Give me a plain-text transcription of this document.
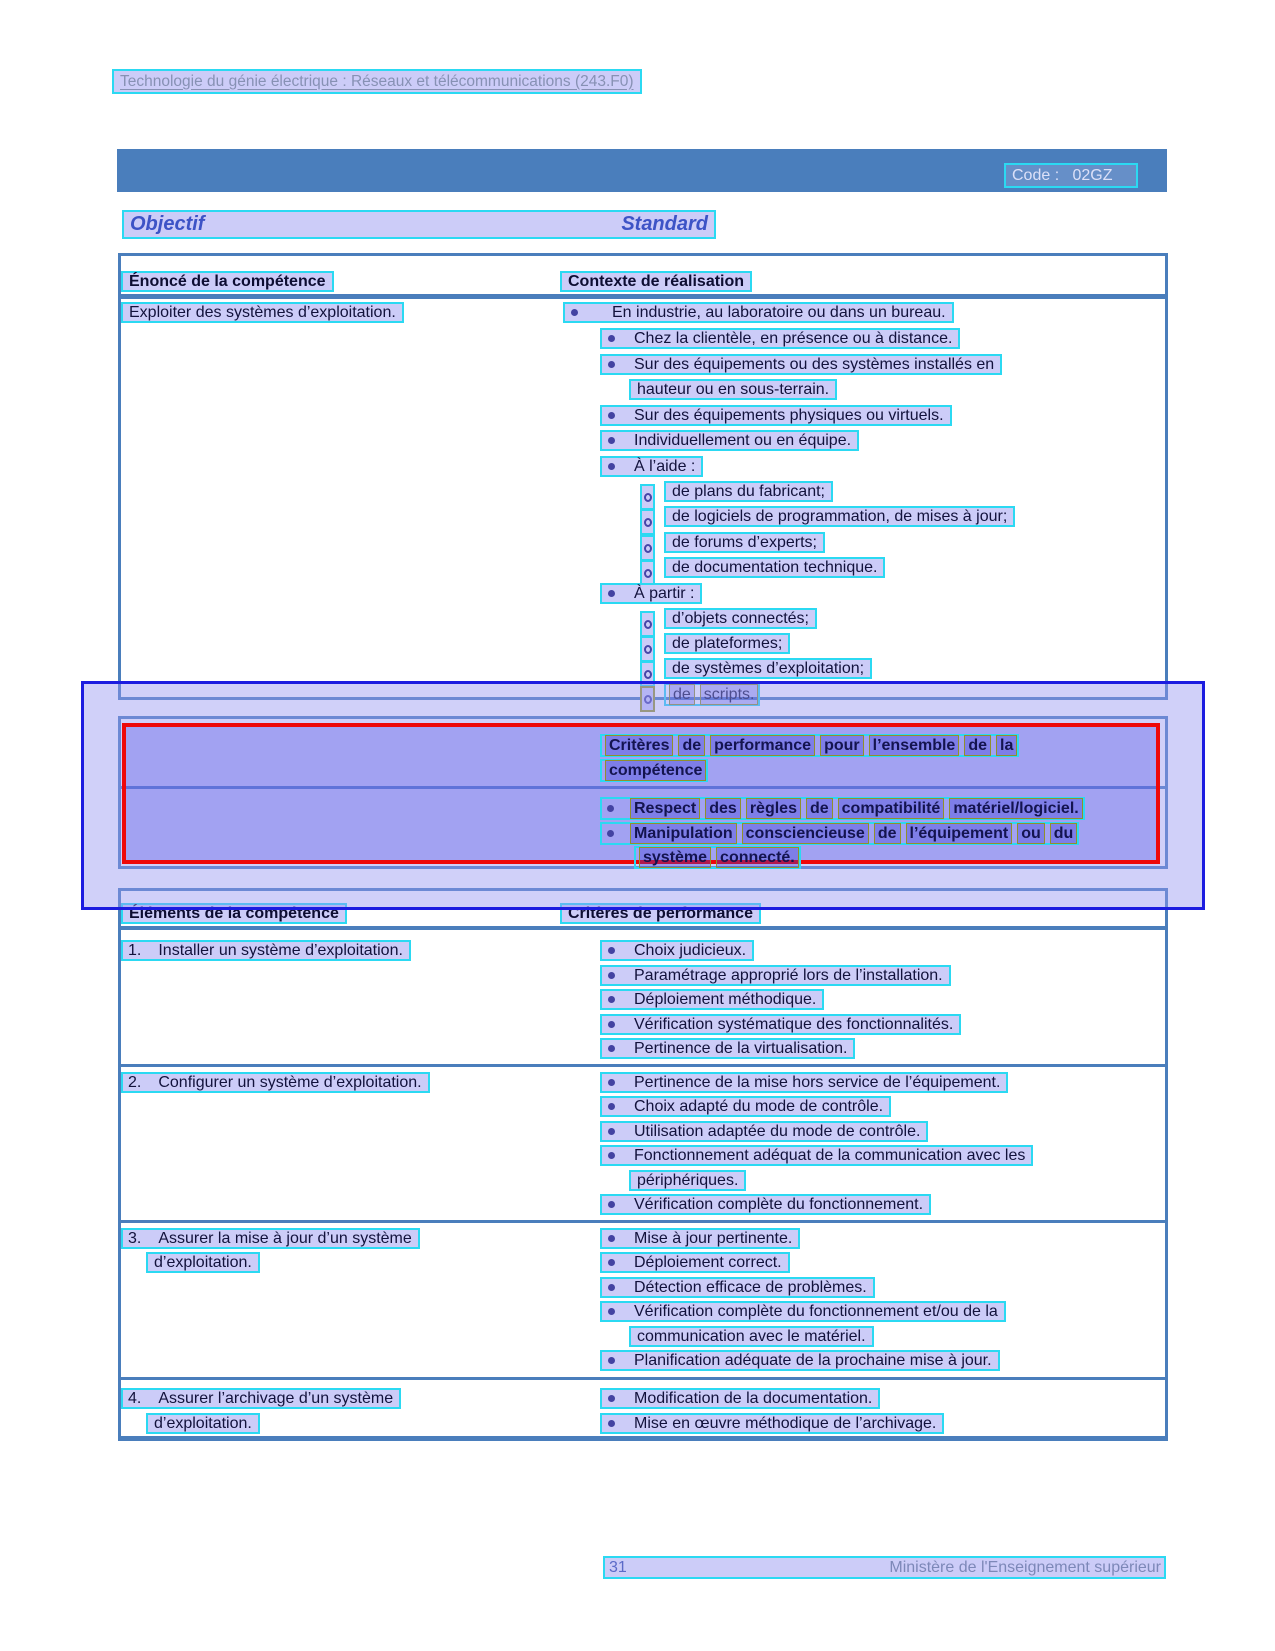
Technologie du génie électrique : Réseaux et télécommunications (243.F0)
Code :   02GZ
Objectif	Standard
Énoncé de la compétence	Contexte de réalisation
Exploiter des systèmes d’exploitation.	En industrie, au laboratoire ou dans un bureau.
Chez la clientèle, en présence ou à distance.
Sur des équipements ou des systèmes installés en
hauteur ou en sous-terrain.
Sur des équipements physiques ou virtuels.
Individuellement ou en équipe.
À l’aide :
de plans du fabricant;
de logiciels de programmation, de mises à jour;
de forums d’experts;
de documentation technique.
À partir :
d’objets connectés;
de plateformes;
de systèmes d’exploitation;
de scripts.
Critères de performance pour l’ensemble de la
compétence
Respect des règles de compatibilité matériel/logiciel.
Manipulation consciencieuse de l’équipement ou du
système connecté.
Éléments de la compétence	Critères de performance
1. Installer un système d’exploitation.	Choix judicieux.
Paramétrage approprié lors de l’installation.
Déploiement méthodique.
Vérification systématique des fonctionnalités.
Pertinence de la virtualisation.
2. Configurer un système d’exploitation.	Pertinence de la mise hors service de l’équipement.
Choix adapté du mode de contrôle.
Utilisation adaptée du mode de contrôle.
Fonctionnement adéquat de la communication avec les
périphériques.
Vérification complète du fonctionnement.
3. Assurer la mise à jour d’un système
d’exploitation.
Mise à jour pertinente.
Déploiement correct.
Détection efficace de problèmes.
Vérification complète du fonctionnement et/ou de la
communication avec le matériel.
Planification adéquate de la prochaine mise à jour.
4. Assurer l’archivage d’un système
d’exploitation.
Modification de la documentation.
Mise en œuvre méthodique de l’archivage.
31	Ministère de l'Enseignement supérieur
